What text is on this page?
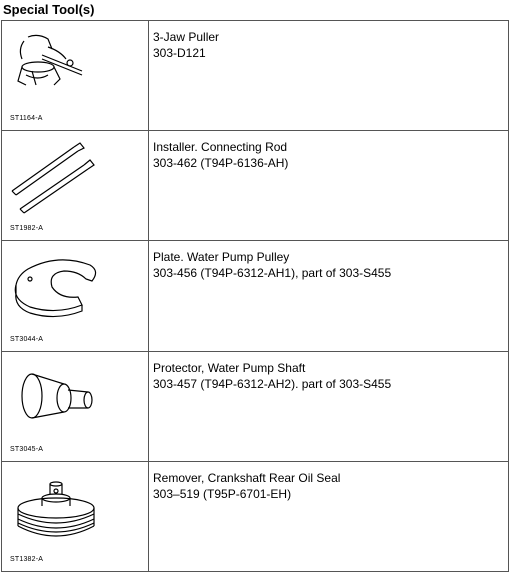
Special Tool(s)
ST1164-A	3-Jaw Puller
303-D121

ST1982-A	Installer. Connecting Rod
303-462 (T94P-6136-AH)

ST3044-A	Plate. Water Pump Pulley
303-456 (T94P-6312-AH1), part of 303-S455

ST3045-A	Protector, Water Pump Shaft
303-457 (T94P-6312-AH2). part of 303-S455

ST1382-A	Remover, Crankshaft Rear Oil Seal
303–519 (T95P-6701-EH)
